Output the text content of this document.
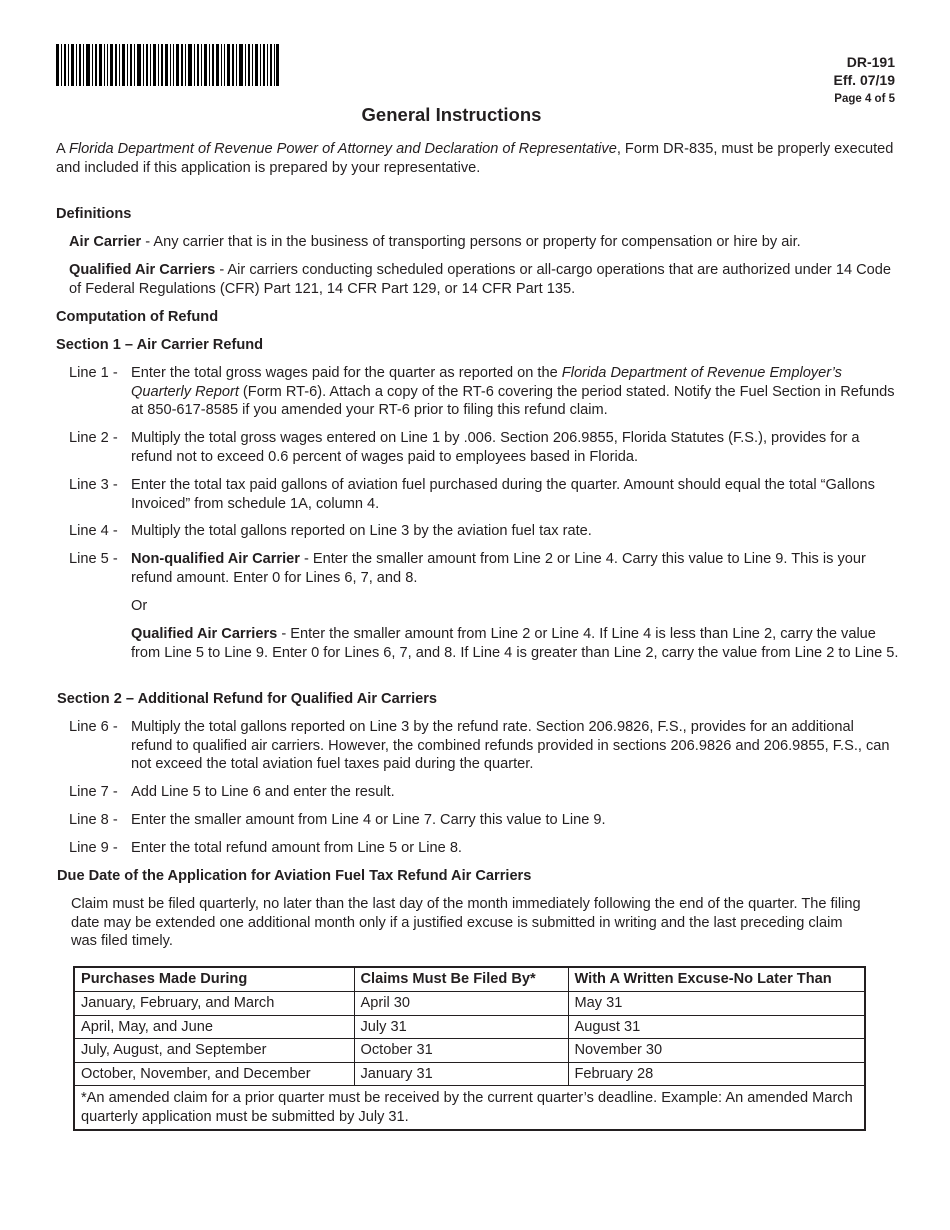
DR-191
Eff. 07/19
Page 4 of 5
General Instructions
A Florida Department of Revenue Power of Attorney and Declaration of Representative, Form DR-835, must be properly executed and included if this application is prepared by your representative.
Definitions
Air Carrier - Any carrier that is in the business of transporting persons or property for compensation or hire by air.
Qualified Air Carriers - Air carriers conducting scheduled operations or all-cargo operations that are authorized under 14 Code of Federal Regulations (CFR) Part 121, 14 CFR Part 129, or 14 CFR Part 135.
Computation of Refund
Section 1 – Air Carrier Refund
Line 1 - Enter the total gross wages paid for the quarter as reported on the Florida Department of Revenue Employer’s Quarterly Report (Form RT-6). Attach a copy of the RT-6 covering the period stated. Notify the Fuel Section in Refunds at 850-617-8585 if you amended your RT-6 prior to filing this refund claim.
Line 2 - Multiply the total gross wages entered on Line 1 by .006. Section 206.9855, Florida Statutes (F.S.), provides for a refund not to exceed 0.6 percent of wages paid to employees based in Florida.
Line 3 - Enter the total tax paid gallons of aviation fuel purchased during the quarter. Amount should equal the total “Gallons Invoiced” from schedule 1A, column 4.
Line 4 - Multiply the total gallons reported on Line 3 by the aviation fuel tax rate.
Line 5 - Non-qualified Air Carrier - Enter the smaller amount from Line 2 or Line 4. Carry this value to Line 9. This is your refund amount. Enter 0 for Lines 6, 7, and 8.
Or
Qualified Air Carriers - Enter the smaller amount from Line 2 or Line 4. If Line 4 is less than Line 2, carry the value from Line 5 to Line 9. Enter 0 for Lines 6, 7, and 8. If Line 4 is greater than Line 2, carry the value from Line 2 to Line 5.
Section 2 – Additional Refund for Qualified Air Carriers
Line 6 - Multiply the total gallons reported on Line 3 by the refund rate. Section 206.9826, F.S., provides for an additional refund to qualified air carriers. However, the combined refunds provided in sections 206.9826 and 206.9855, F.S., can not exceed the total aviation fuel taxes paid during the quarter.
Line 7 - Add Line 5 to Line 6 and enter the result.
Line 8 - Enter the smaller amount from Line 4 or Line 7. Carry this value to Line 9.
Line 9 - Enter the total refund amount from Line 5 or Line 8.
Due Date of the Application for Aviation Fuel Tax Refund Air Carriers
Claim must be filed quarterly, no later than the last day of the month immediately following the end of the quarter. The filing date may be extended one additional month only if a justified excuse is submitted in writing and the last preceding claim was filed timely.
Purchases Made During	Claims Must Be Filed By*	With A Written Excuse-No Later Than
January, February, and March	April 30	May 31
April, May, and June	July 31	August 31
July, August, and September	October 31	November 30
October, November, and December	January 31	February 28
*An amended claim for a prior quarter must be received by the current quarter’s deadline. Example: An amended March quarterly application must be submitted by July 31.		
